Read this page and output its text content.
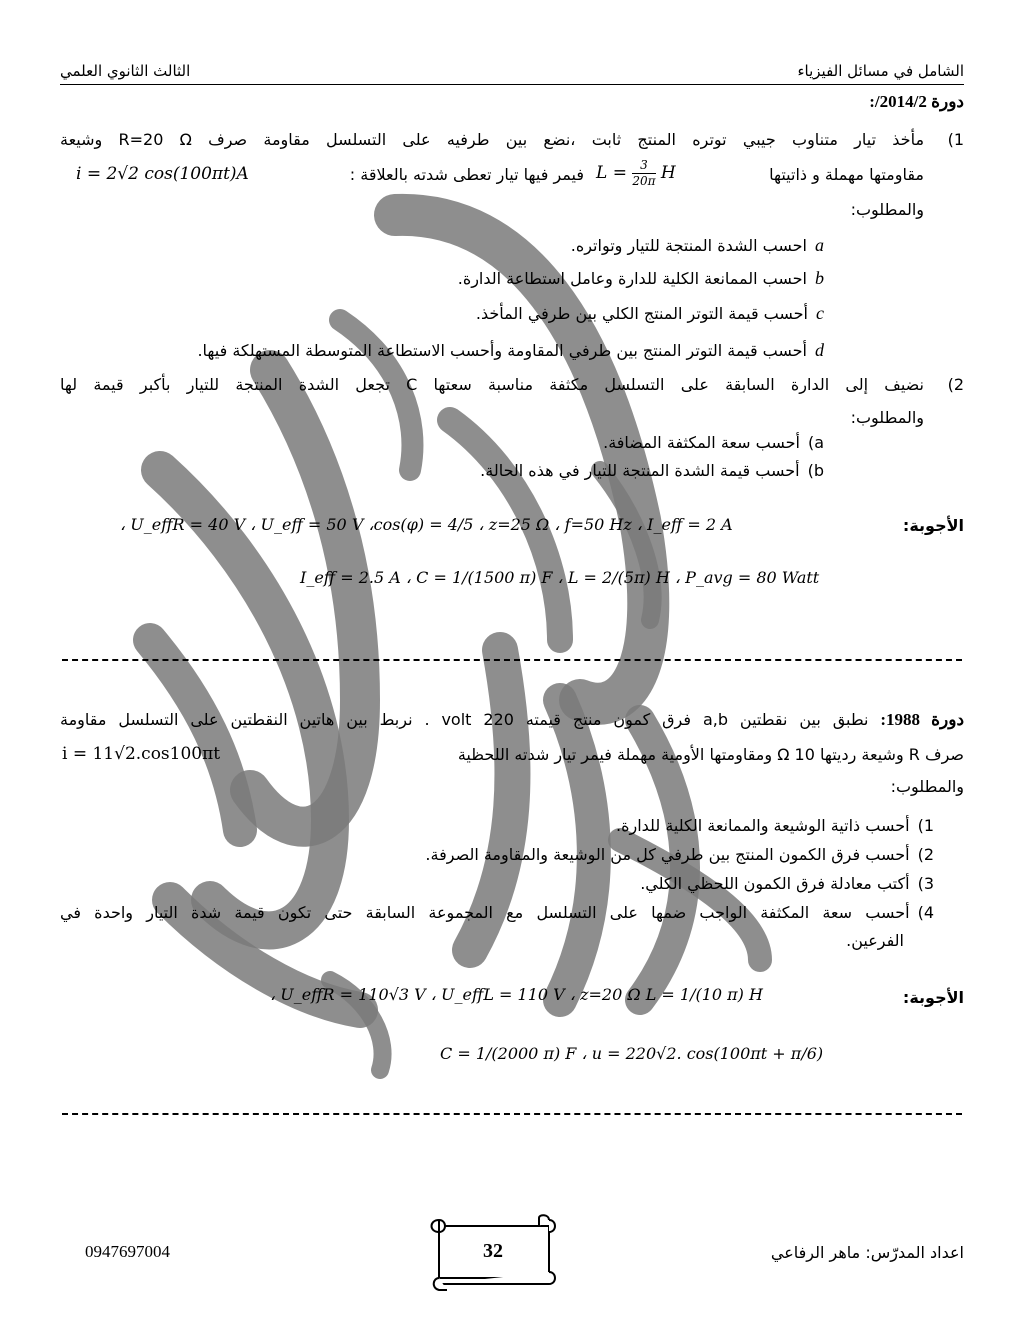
الشامل في مسائل الفيزياء
الثالث الثانوي العلمي
دورة 2014/2/:
1)
مأخذ تيار متناوب جيبي توتره المنتج ثابت ،نضع بين طرفيه على التسلسل مقاومة صرف R=20 Ω وشيعة
مقاومتها مهملة و ذاتيتها
$L = \frac{3}{20\pi}$ H
فيمر فيها تيار تعطى شدته بالعلاقة :
i = 2√2 cos(100πt)A
والمطلوب:
aاحسب الشدة المنتجة للتيار وتواتره.
bاحسب الممانعة الكلية للدارة وعامل استطاعة الدارة.
cأحسب قيمة التوتر المنتج الكلي بين طرفي المأخذ.
dأحسب قيمة التوتر المنتج بين طرفي المقاومة وأحسب الاستطاعة المتوسطة المستهلكة فيها.
2)
نضيف إلى الدارة السابقة على التسلسل مكثفة مناسبة سعتها C تجعل الشدة المنتجة للتيار بأكبر قيمة لها
والمطلوب:
a)أحسب سعة المكثفة المضافة.
b)أحسب قيمة الشدة المنتجة للتيار في هذه الحالة.
الأجوبة:
، U_effR = 40 V ، U_eff = 50 V ،cos(φ) = 4/5 ، z=25 Ω ، f=50 Hz ، I_eff = 2 A
I_eff = 2.5 A ، C = 1/(1500 π) F ، L = 2/(5π) H ، P_avg = 80 Watt
دورة 1988: نطبق بين نقطتين a,b فرق كمون منتج قيمته 220 volt . نربط بين هاتين النقطتين على التسلسل مقاومة
صرف R وشيعة رديتها 10 Ω ومقاومتها الأومية مهملة فيمر تيار شدته اللحظية
i = 11√2.cos100πt
والمطلوب:
1)أحسب ذاتية الوشيعة والممانعة الكلية للدارة.
2)أحسب فرق الكمون المنتج بين طرفي كل من الوشيعة والمقاومة الصرفة.
3)أكتب معادلة فرق الكمون اللحظي الكلي.
4)أحسب سعة المكثفة الواجب ضمها على التسلسل مع المجموعة السابقة حتى تكون قيمة شدة التيار واحدة في
الفرعين.
الأجوبة:
، U_effR = 110√3 V ، U_effL = 110 V ، z=20 Ω L = 1/(10 π) H
C = 1/(2000 π) F ، u = 220√2. cos(100πt + π/6)
اعداد المدرّس: ماهر الرفاعي
0947697004	32
